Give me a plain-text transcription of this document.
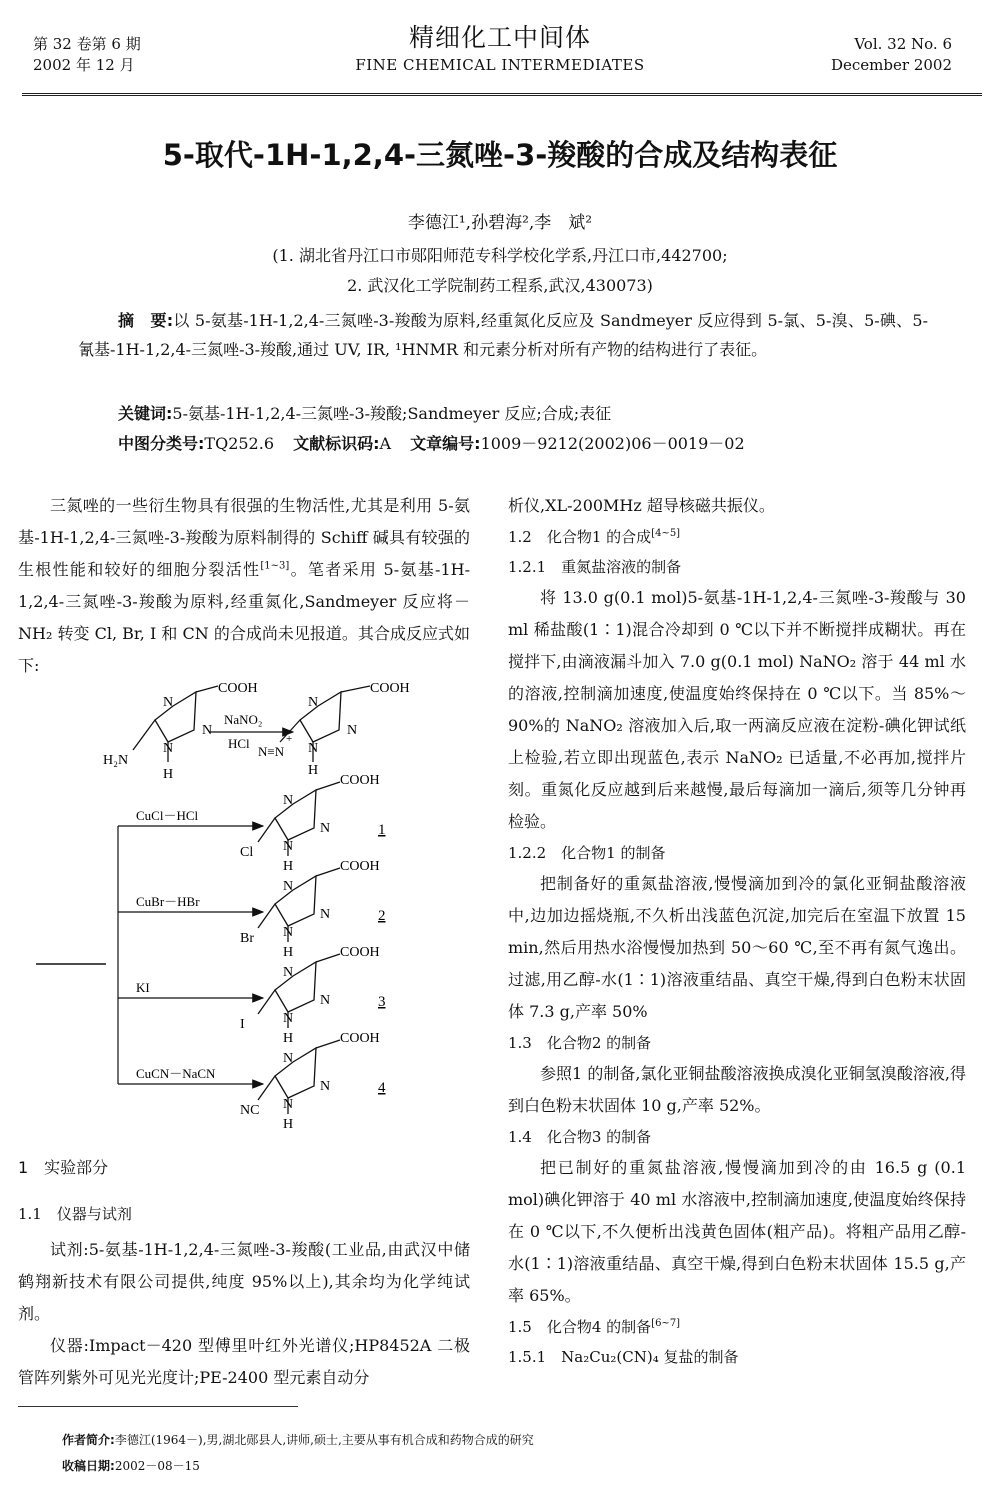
第 32 卷第 6 期
2002 年 12 月
精细化工中间体
FINE CHEMICAL INTERMEDIATES
Vol. 32 No. 6
December 2002
5-取代-1H-1,2,4-三氮唑-3-羧酸的合成及结构表征
李德江¹,孙碧海²,李　斌²
(1. 湖北省丹江口市郧阳师范专科学校化学系,丹江口市,442700;
2. 武汉化工学院制药工程系,武汉,430073)
摘　要:以 5-氨基-1H-1,2,4-三氮唑-3-羧酸为原料,经重氮化反应及 Sandmeyer 反应得到 5-氯、5-溴、5-碘、5-氰基-1H-1,2,4-三氮唑-3-羧酸,通过 UV, IR, ¹HNMR 和元素分析对所有产物的结构进行了表征。
关键词:5-氨基-1H-1,2,4-三氮唑-3-羧酸;Sandmeyer 反应;合成;表征
中图分类号:TQ252.6 文献标识码:A 文章编号:1009－9212(2002)06－0019－02

三氮唑的一些衍生物具有很强的生物活性,尤其是利用 5-氨基-1H-1,2,4-三氮唑-3-羧酸为原料制得的 Schiff 碱具有较强的生根性能和较好的细胞分裂活性[1~3]。笔者采用 5-氨基-1H-1,2,4-三氮唑-3-羧酸为原料,经重氮化,Sandmeyer 反应将－NH₂ 转变 Cl, Br, I 和 CN 的合成尚未见报道。其合成反应式如下:

COOH
N
N
N
H₂N
H
NaNO₂
HCl
COOH
N
N
N
N≡N
+
H
CuCl－HCl
COOH
N
N
N
H
Cl
1
CuBr－HBr
COOH
N
N
N
H
Br
2
KI
COOH
N
N
N
H
I
3
CuCN－NaCN
COOH
N
N
N
H
NC
4
1　实验部分
1.1　仪器与试剂

试剂:5-氨基-1H-1,2,4-三氮唑-3-羧酸(工业品,由武汉中储鹤翔新技术有限公司提供,纯度 95%以上),其余均为化学纯试剂。

仪器:Impact－420 型傅里叶红外光谱仪;HP8452A 二极管阵列紫外可见光光度计;PE-2400 型元素自动分

析仪,XL-200MHz 超导核磁共振仪。
1.2　化合物1 的合成[4~5]
1.2.1　重氮盐溶液的制备

将 13.0 g(0.1 mol)5-氨基-1H-1,2,4-三氮唑-3-羧酸与 30 ml 稀盐酸(1∶1)混合冷却到 0 ℃以下并不断搅拌成糊状。再在搅拌下,由滴液漏斗加入 7.0 g(0.1 mol) NaNO₂ 溶于 44 ml 水的溶液,控制滴加速度,使温度始终保持在 0 ℃以下。当 85%～90%的 NaNO₂ 溶液加入后,取一两滴反应液在淀粉-碘化钾试纸上检验,若立即出现蓝色,表示 NaNO₂ 已适量,不必再加,搅拌片刻。重氮化反应越到后来越慢,最后每滴加一滴后,须等几分钟再检验。

1.2.2　化合物1 的制备

把制备好的重氮盐溶液,慢慢滴加到冷的氯化亚铜盐酸溶液中,边加边摇烧瓶,不久析出浅蓝色沉淀,加完后在室温下放置 15 min,然后用热水浴慢慢加热到 50～60 ℃,至不再有氮气逸出。过滤,用乙醇-水(1∶1)溶液重结晶、真空干燥,得到白色粉末状固体 7.3 g,产率 50%

1.3　化合物2 的制备

参照1 的制备,氯化亚铜盐酸溶液换成溴化亚铜氢溴酸溶液,得到白色粉末状固体 10 g,产率 52%。

1.4　化合物3 的制备

把已制好的重氮盐溶液,慢慢滴加到冷的由 16.5 g (0.1 mol)碘化钾溶于 40 ml 水溶液中,控制滴加速度,使温度始终保持在 0 ℃以下,不久便析出浅黄色固体(粗产品)。将粗产品用乙醇-水(1∶1)溶液重结晶、真空干燥,得到白色粉末状固体 15.5 g,产率 65%。

1.5　化合物4 的制备[6~7]
1.5.1　Na₂Cu₂(CN)₄ 复盐的制备
作者简介:李德江(1964－),男,湖北郧县人,讲师,硕士,主要从事有机合成和药物合成的研究
收稿日期:2002－08－15
